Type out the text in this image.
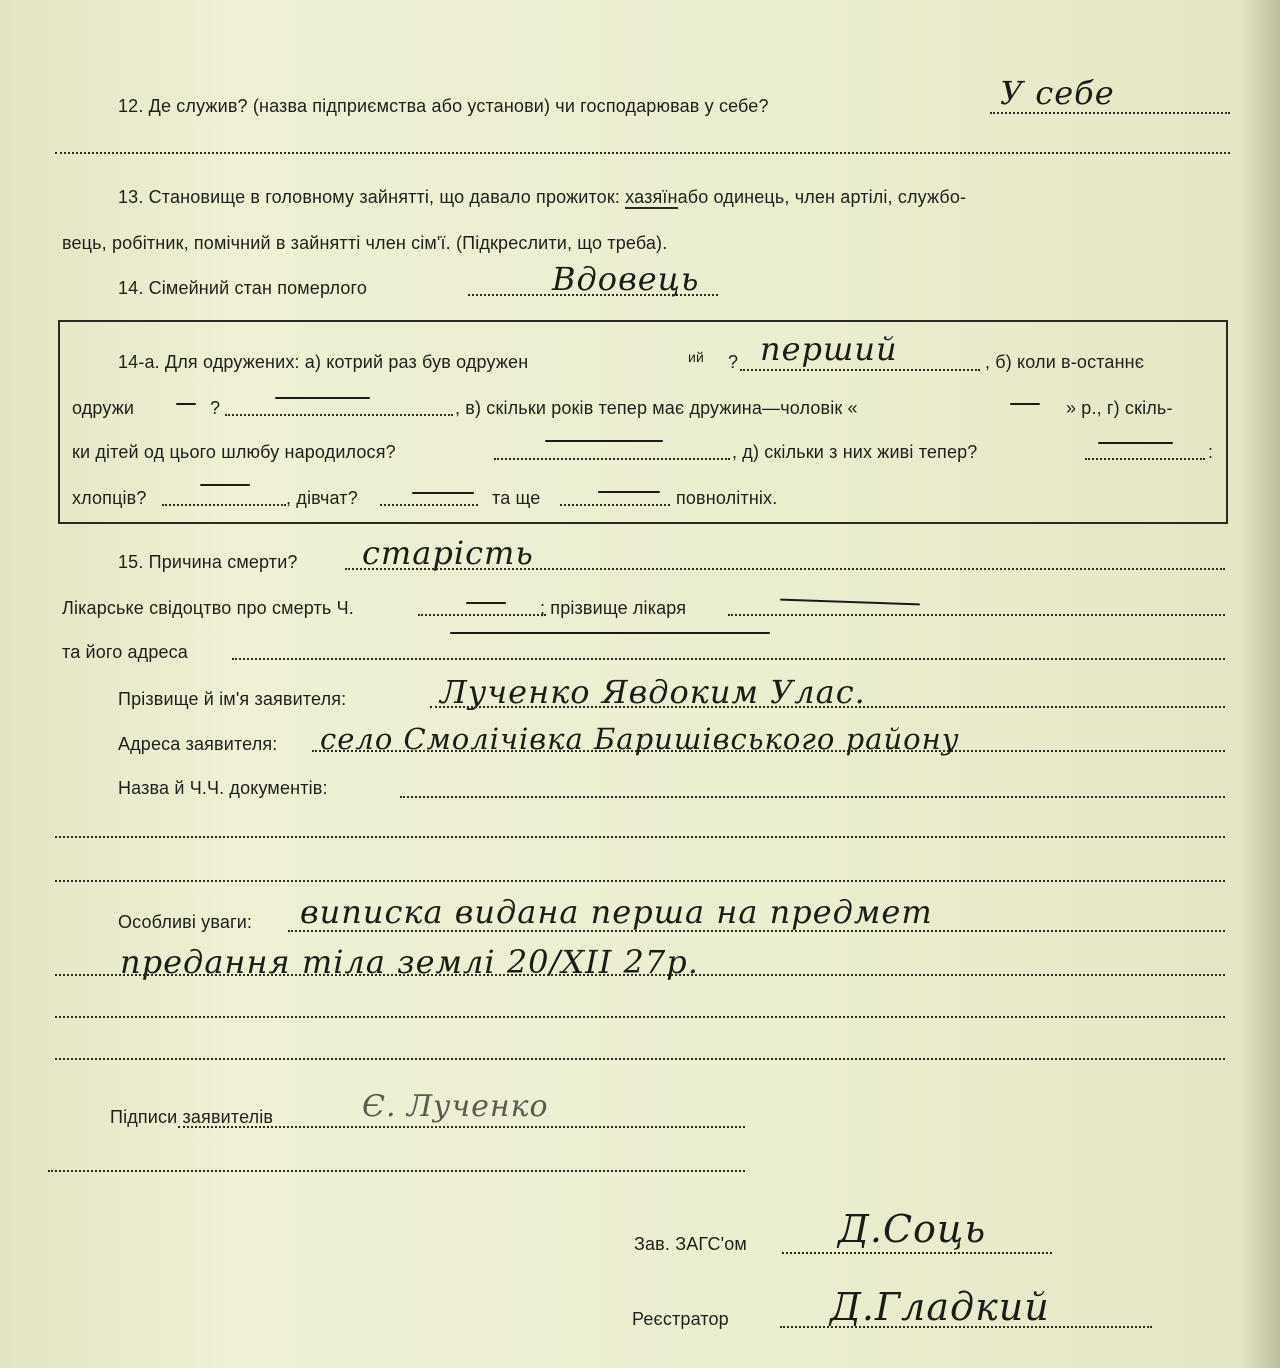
12. Де служив? (назва підприємства або установи) чи господарював у себе?	У себе
13. Становище в головному зайнятті, що давало прожиток: хазяїнабо одинець, член артілі, службо-
вець, робітник, помічний в зайнятті член сім'ї. (Підкреслити, що треба).
14. Сімейний стан померлого	Вдовець
14-а. Для одружених: а) котрий раз був одружен	ий ? перший	, б) коли в-останнє
одружи	?	, в) скільки років тепер має дружина—чоловік «	» р., г) скіль-
ки дітей од цього шлюбу народилося?	, д) скільки з них живі тепер?	:
хлопців?	, дівчат?	та ще	повнолітніх.
15. Причина смерти? старість
Лікарське свідоцтво про смерть Ч.	; прізвище лікаря
та його адреса
Прізвище й ім'я заявителя:	Лученко Явдоким Улас.
Адреса заявителя: село Смолічівка Баришівського району
Назва й Ч.Ч. документів:
Особливі уваги: виписка видана перша на предмет
предання тіла землі 20/XII 27р.
Підписи заявителів	Є. Лученко
Зав. ЗАГС'ом Д.Соць
Реєстратор	Д.Гладкий
